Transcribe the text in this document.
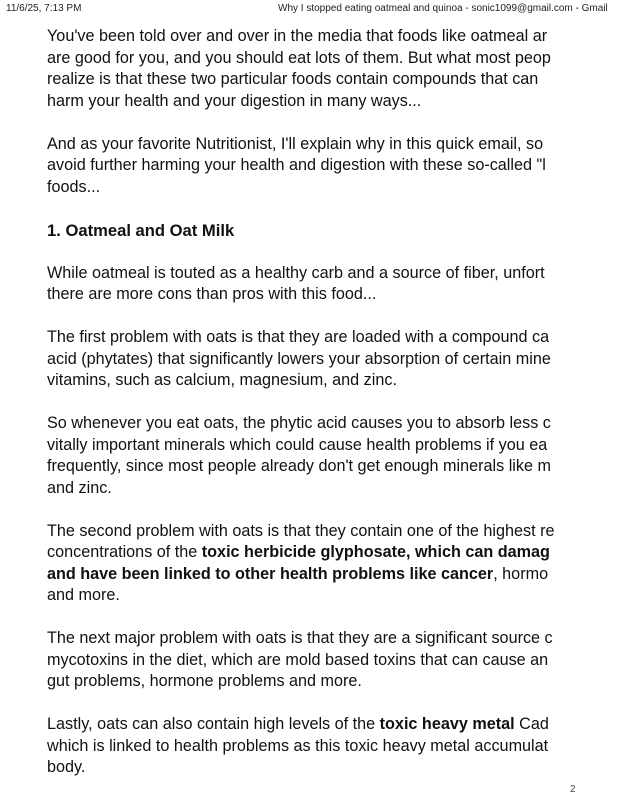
11/6/25, 7:13 PM	Why I stopped eating oatmeal and quinoa - sonic1099@gmail.com - Gmail

You've been told over and over in the media that foods like oatmeal ar
are good for you, and you should eat lots of them. But what most peop
realize is that these two particular foods contain compounds that can
harm your health and your digestion in many ways...

And as your favorite Nutritionist, I'll explain why in this quick email, so
avoid further harming your health and digestion with these so-called "l
foods...

1. Oatmeal and Oat Milk

While oatmeal is touted as a healthy carb and a source of fiber, unfort
there are more cons than pros with this food...

The first problem with oats is that they are loaded with a compound ca
acid (phytates) that significantly lowers your absorption of certain mine
vitamins, such as calcium, magnesium, and zinc.

So whenever you eat oats, the phytic acid causes you to absorb less c
vitally important minerals which could cause health problems if you ea
frequently, since most people already don't get enough minerals like m
and zinc.

The second problem with oats is that they contain one of the highest re
concentrations of the toxic herbicide glyphosate, which can damag
and have been linked to other health problems like cancer, hormo
and more.

The next major problem with oats is that they are a significant source c
mycotoxins in the diet, which are mold based toxins that can cause an
gut problems, hormone problems and more.

Lastly, oats can also contain high levels of the toxic heavy metal Cad
which is linked to health problems as this toxic heavy metal accumulat
body.

2
